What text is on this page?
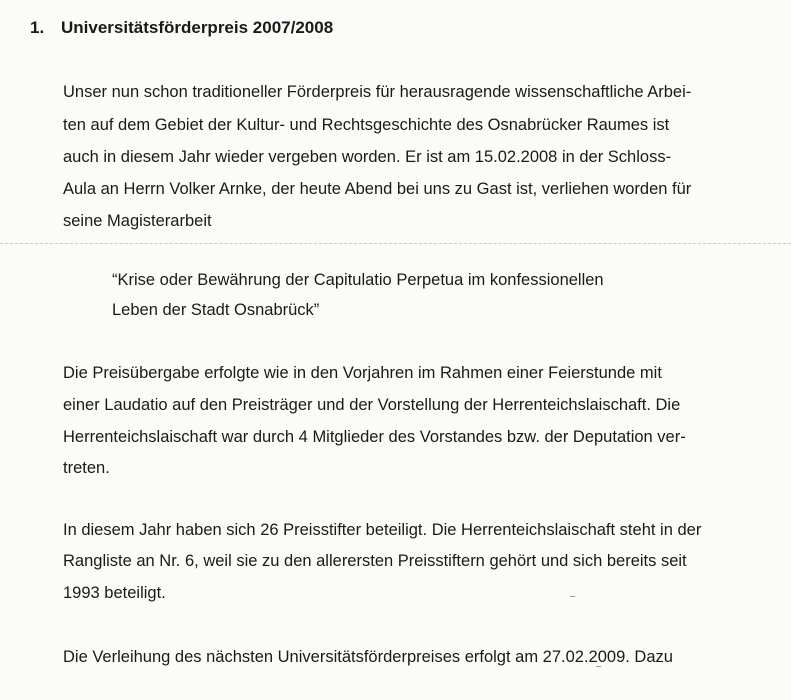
1. Universitätsförderpreis 2007/2008
Unser nun schon traditioneller Förderpreis für herausragende wissenschaftliche Arbei-
ten auf dem Gebiet der Kultur- und Rechtsgeschichte des Osnabrücker Raumes ist
auch in diesem Jahr wieder vergeben worden. Er ist am 15.02.2008 in der Schloss-
Aula an Herrn Volker Arnke, der heute Abend bei uns zu Gast ist, verliehen worden für
seine Magisterarbeit
“Krise oder Bewährung der Capitulatio Perpetua im konfessionellen
Leben der Stadt Osnabrück”
Die Preisübergabe erfolgte wie in den Vorjahren im Rahmen einer Feierstunde mit
einer Laudatio auf den Preisträger und der Vorstellung der Herrenteichslaischaft. Die
Herrenteichslaischaft war durch 4 Mitglieder des Vorstandes bzw. der Deputation ver-
treten.
In diesem Jahr haben sich 26 Preisstifter beteiligt. Die Herrenteichslaischaft steht in der
Rangliste an Nr. 6, weil sie zu den allerersten Preisstiftern gehört und sich bereits seit
1993 beteiligt.
Die Verleihung des nächsten Universitätsförderpreises erfolgt am 27.02.2009. Dazu
